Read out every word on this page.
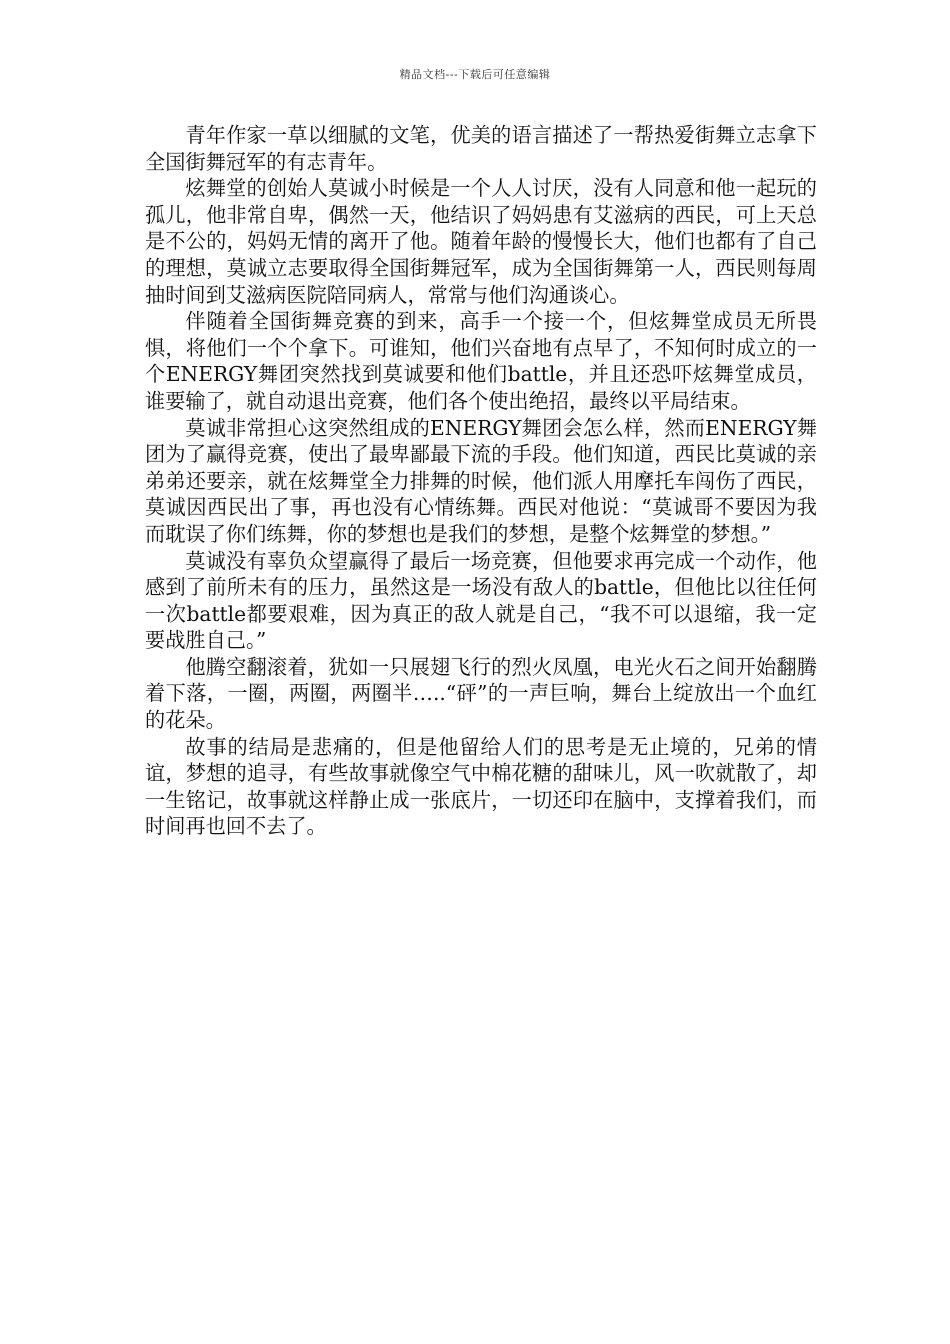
精品文档---下载后可任意编辑

青年作家一草以细腻的文笔，优美的语言描述了一帮热爱街舞立志拿下全国街舞冠军的有志青年。

炫舞堂的创始人莫诚小时候是一个人人讨厌，没有人同意和他一起玩的孤儿，他非常自卑，偶然一天，他结识了妈妈患有艾滋病的西民，可上天总是不公的，妈妈无情的离开了他。随着年龄的慢慢长大，他们也都有了自己的理想，莫诚立志要取得全国街舞冠军，成为全国街舞第一人，西民则每周抽时间到艾滋病医院陪同病人，常常与他们沟通谈心。

伴随着全国街舞竞赛的到来，高手一个接一个，但炫舞堂成员无所畏惧，将他们一个个拿下。可谁知，他们兴奋地有点早了，不知何时成立的一个ENERGY舞团突然找到莫诚要和他们battle，并且还恐吓炫舞堂成员，谁要输了，就自动退出竞赛，他们各个使出绝招，最终以平局结束。

莫诚非常担心这突然组成的ENERGY舞团会怎么样，然而ENERGY舞团为了赢得竞赛，使出了最卑鄙最下流的手段。他们知道，西民比莫诚的亲弟弟还要亲，就在炫舞堂全力排舞的时候，他们派人用摩托车闯伤了西民，莫诚因西民出了事，再也没有心情练舞。西民对他说：“莫诚哥不要因为我而耽误了你们练舞，你的梦想也是我们的梦想，是整个炫舞堂的梦想。”

莫诚没有辜负众望赢得了最后一场竞赛，但他要求再完成一个动作，他感到了前所未有的压力，虽然这是一场没有敌人的battle，但他比以往任何一次battle都要艰难，因为真正的敌人就是自己，“我不可以退缩，我一定要战胜自己。”

他腾空翻滚着，犹如一只展翅飞行的烈火凤凰，电光火石之间开始翻腾着下落，一圈，两圈，两圈半…..“砰”的一声巨响，舞台上绽放出一个血红的花朵。

故事的结局是悲痛的，但是他留给人们的思考是无止境的，兄弟的情谊，梦想的追寻，有些故事就像空气中棉花糖的甜味儿，风一吹就散了，却一生铭记，故事就这样静止成一张底片，一切还印在脑中，支撑着我们，而时间再也回不去了。
